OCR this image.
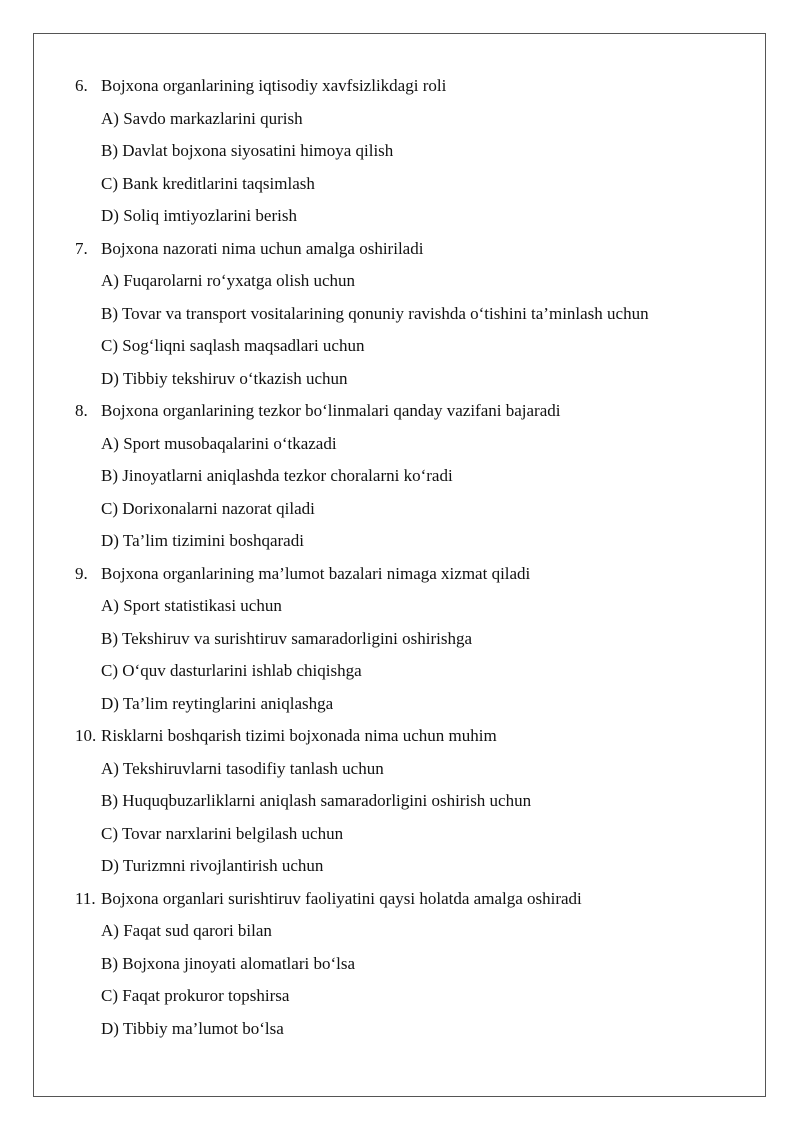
6. Bojxona organlarining iqtisodiy xavfsizlikdagi roli
A) Savdo markazlarini qurish
B) Davlat bojxona siyosatini himoya qilish
C) Bank kreditlarini taqsimlash
D) Soliq imtiyozlarini berish
7. Bojxona nazorati nima uchun amalga oshiriladi
A) Fuqarolarni ro‘yxatga olish uchun
B) Tovar va transport vositalarining qonuniy ravishda o‘tishini ta’minlash uchun
C) Sog‘liqni saqlash maqsadlari uchun
D) Tibbiy tekshiruv o‘tkazish uchun
8. Bojxona organlarining tezkor bo‘linmalari qanday vazifani bajaradi
A) Sport musobaqalarini o‘tkazadi
B) Jinoyatlarni aniqlashda tezkor choralarni ko‘radi
C) Dorixonalarni nazorat qiladi
D) Ta’lim tizimini boshqaradi
9. Bojxona organlarining ma’lumot bazalari nimaga xizmat qiladi
A) Sport statistikasi uchun
B) Tekshiruv va surishtiruv samaradorligini oshirishga
C) O‘quv dasturlarini ishlab chiqishga
D) Ta’lim reytinglarini aniqlashga
10. Risklarni boshqarish tizimi bojxonada nima uchun muhim
A) Tekshiruvlarni tasodifiy tanlash uchun
B) Huquqbuzarliklarni aniqlash samaradorligini oshirish uchun
C) Tovar narxlarini belgilash uchun
D) Turizmni rivojlantirish uchun
11. Bojxona organlari surishtiruv faoliyatini qaysi holatda amalga oshiradi
A) Faqat sud qarori bilan
B) Bojxona jinoyati alomatlari bo‘lsa
C) Faqat prokuror topshirsa
D) Tibbiy ma’lumot bo‘lsa
